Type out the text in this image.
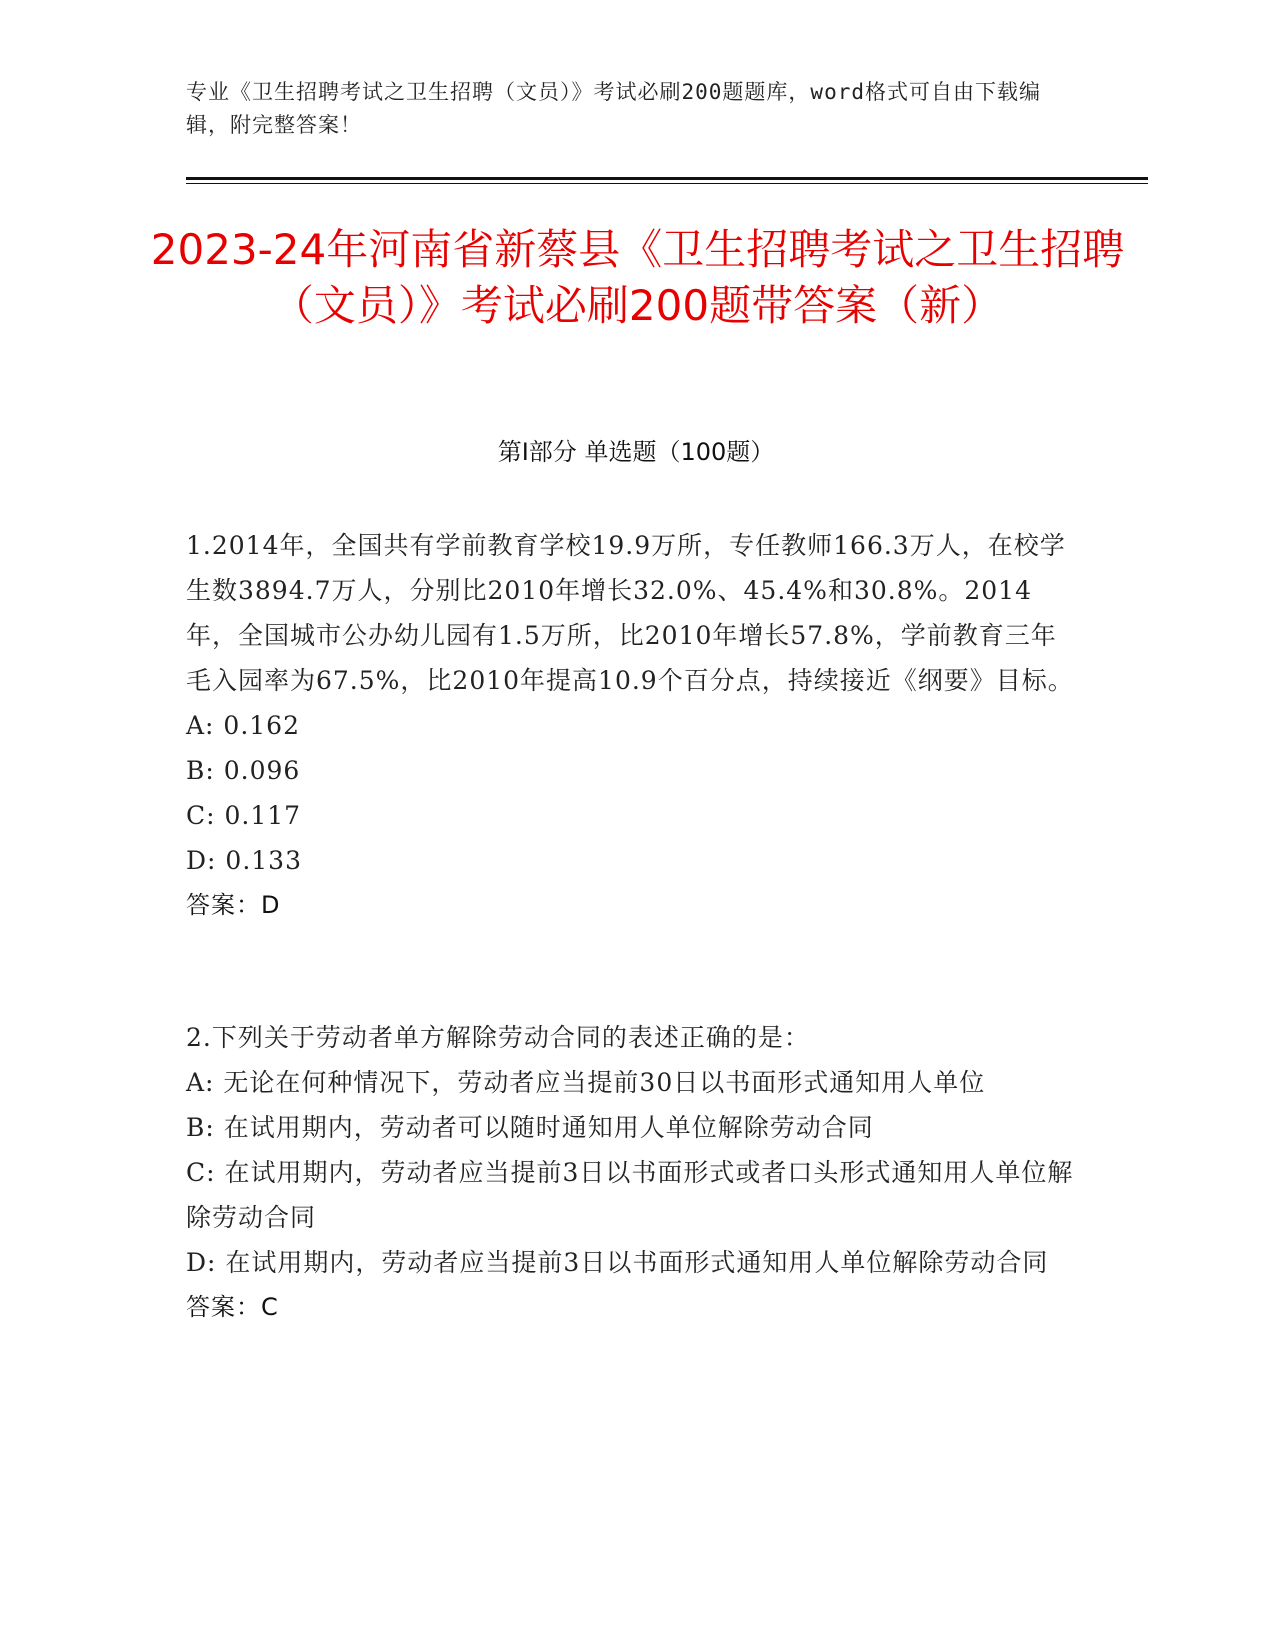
专业《卫生招聘考试之卫生招聘（文员）》考试必刷200题题库，word格式可自由下载编辑，附完整答案！
2023-24年河南省新蔡县《卫生招聘考试之卫生招聘（文员）》考试必刷200题带答案（新）
第Ⅰ部分 单选题（100题）
1.2014年，全国共有学前教育学校19.9万所，专任教师166.3万人，在校学生数3894.7万人，分别比2010年增长32.0%、45.4%和30.8%。2014年，全国城市公办幼儿园有1.5万所，比2010年增长57.8%，学前教育三年毛入园率为67.5%，比2010年提高10.9个百分点，持续接近《纲要》目标。
A: 0.162
B: 0.096
C: 0.117
D: 0.133
答案：D
2.下列关于劳动者单方解除劳动合同的表述正确的是：
A: 无论在何种情况下，劳动者应当提前30日以书面形式通知用人单位
B: 在试用期内，劳动者可以随时通知用人单位解除劳动合同
C: 在试用期内，劳动者应当提前3日以书面形式或者口头形式通知用人单位解除劳动合同
D: 在试用期内，劳动者应当提前3日以书面形式通知用人单位解除劳动合同
答案：C
